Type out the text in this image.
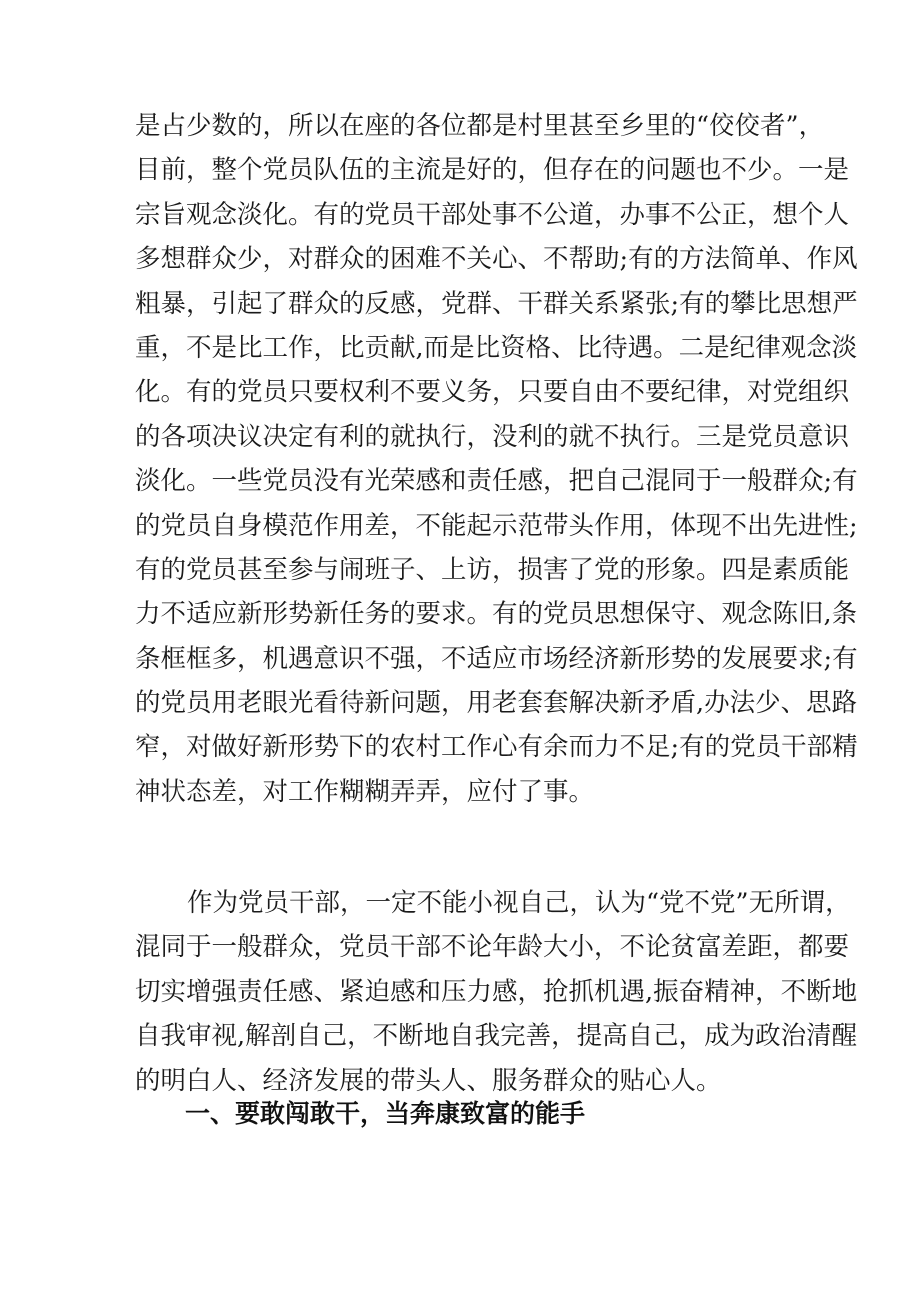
是占少数的，所以在座的各位都是村里甚至乡里的“佼佼者”，
目前，整个党员队伍的主流是好的，但存在的问题也不少。一是
宗旨观念淡化。有的党员干部处事不公道，办事不公正，想个人
多想群众少，对群众的困难不关心、不帮助;有的方法简单、作风
粗暴，引起了群众的反感，党群、干群关系紧张;有的攀比思想严
重，不是比工作，比贡献,而是比资格、比待遇。二是纪律观念淡
化。有的党员只要权利不要义务，只要自由不要纪律，对党组织
的各项决议决定有利的就执行，没利的就不执行。三是党员意识
淡化。一些党员没有光荣感和责任感，把自己混同于一般群众;有
的党员自身模范作用差，不能起示范带头作用，体现不出先进性;
有的党员甚至参与闹班子、上访，损害了党的形象。四是素质能
力不适应新形势新任务的要求。有的党员思想保守、观念陈旧,条
条框框多，机遇意识不强，不适应市场经济新形势的发展要求;有
的党员用老眼光看待新问题，用老套套解决新矛盾,办法少、思路
窄，对做好新形势下的农村工作心有余而力不足;有的党员干部精
神状态差，对工作糊糊弄弄，应付了事。
作为党员干部，一定不能小视自己，认为“党不党”无所谓，
混同于一般群众，党员干部不论年龄大小，不论贫富差距，都要
切实增强责任感、紧迫感和压力感，抢抓机遇,振奋精神，不断地
自我审视,解剖自己，不断地自我完善，提高自己，成为政治清醒
的明白人、经济发展的带头人、服务群众的贴心人。
一、要敢闯敢干，当奔康致富的能手
